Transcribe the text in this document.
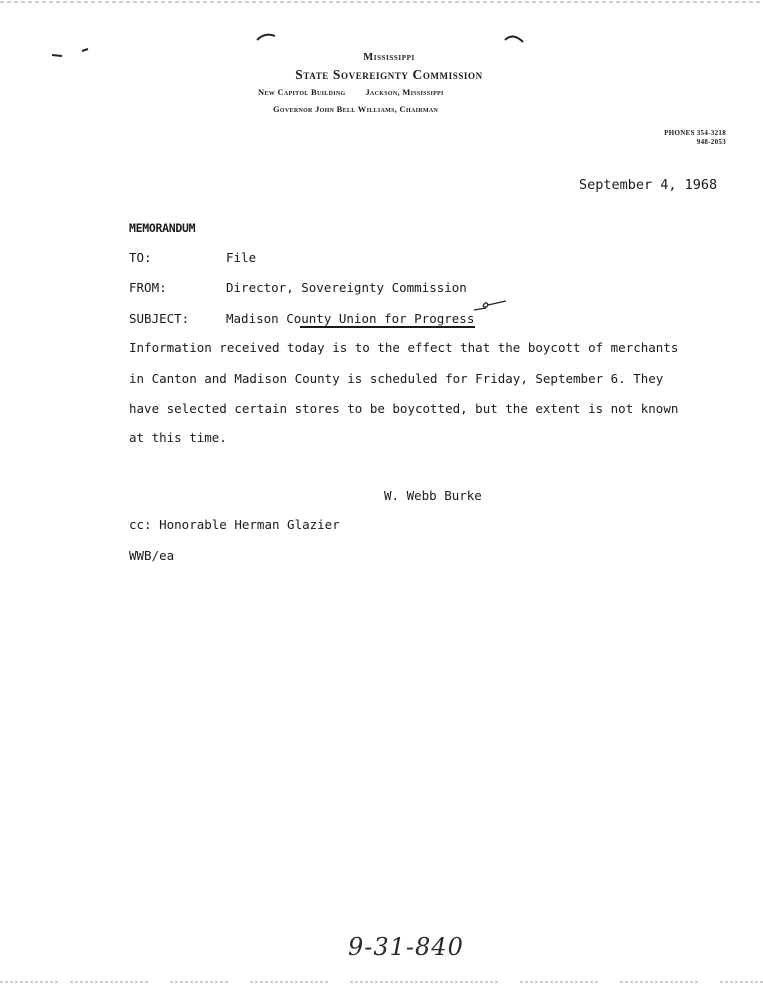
Mississippi
State Sovereignty Commission
New Capitol Building Jackson, Mississippi
Governor John Bell Williams, Chairman
PHONES 354-3218
948-2053
September 4, 1968
MEMORANDUM
TO:	File
FROM:	Director, Sovereignty Commission
SUBJECT:	Madison County Union for Progress
Information received today is to the effect that the boycott of merchants
in Canton and Madison County is scheduled for Friday, September 6. They
have selected certain stores to be boycotted, but the extent is not known
at this time.
W. Webb Burke
cc: Honorable Herman Glazier
WWB/ea
9-31-840
